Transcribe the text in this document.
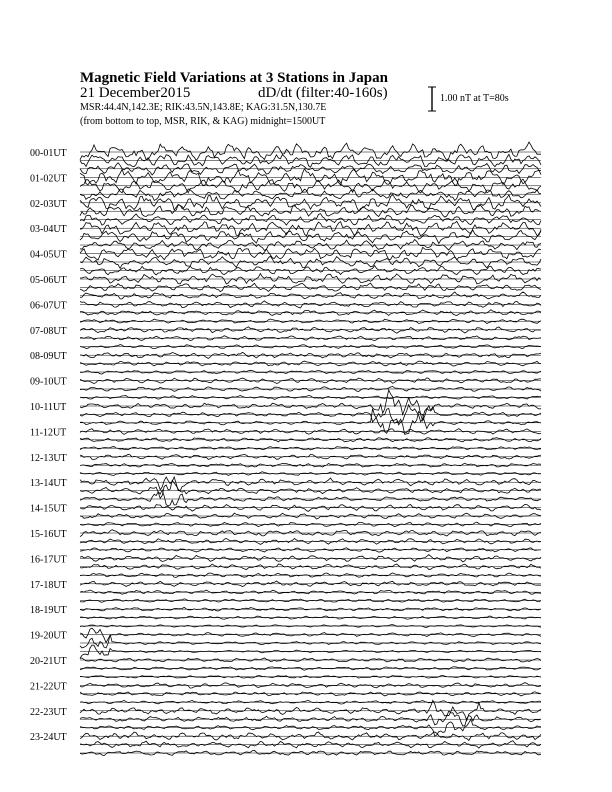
Magnetic Field Variations at 3 Stations in Japan
21 December2015	dD/dt (filter:40-160s)
MSR:44.4N,142.3E; RIK:43.5N,143.8E; KAG:31.5N,130.7E
(from bottom to top, MSR, RIK, & KAG) midnight=1500UT
1.00 nT at T=80s
00-01UT
01-02UT
02-03UT
03-04UT
04-05UT
05-06UT
06-07UT
07-08UT
08-09UT
09-10UT
10-11UT
11-12UT
12-13UT
13-14UT
14-15UT
15-16UT
16-17UT
17-18UT
18-19UT
19-20UT
20-21UT
21-22UT
22-23UT
23-24UT
